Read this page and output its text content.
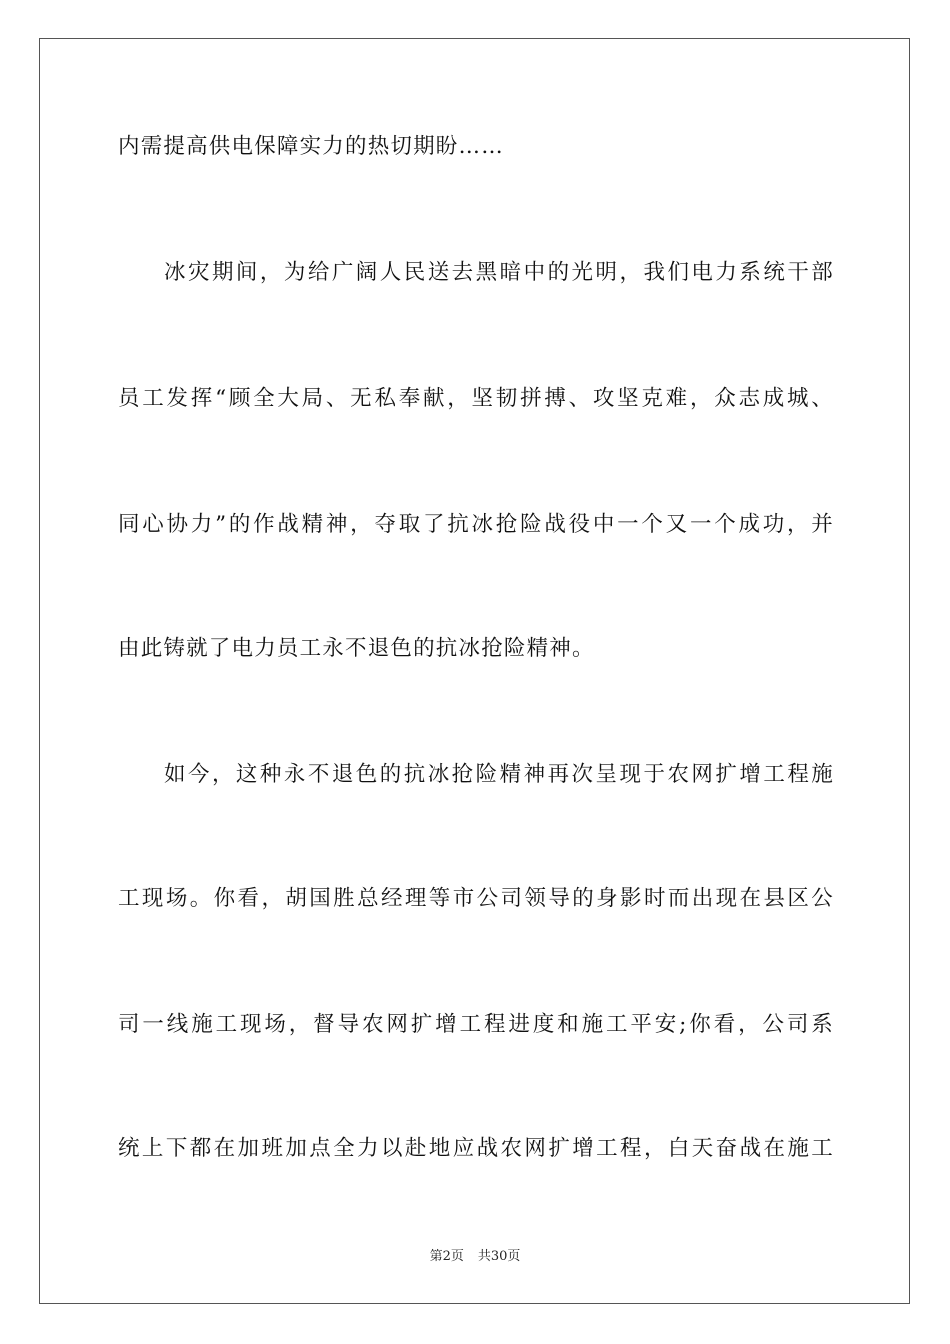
内需提高供电保障实力的热切期盼……
冰灾期间，为给广阔人民送去黑暗中的光明，我们电力系统干部
员工发挥“顾全大局、无私奉献，坚韧拼搏、攻坚克难，众志成城、
同心协力”的作战精神，夺取了抗冰抢险战役中一个又一个成功，并
由此铸就了电力员工永不退色的抗冰抢险精神。
如今，这种永不退色的抗冰抢险精神再次呈现于农网扩增工程施
工现场。你看，胡国胜总经理等市公司领导的身影时而出现在县区公
司一线施工现场，督导农网扩增工程进度和施工平安;你看，公司系
统上下都在加班加点全力以赴地应战农网扩增工程，白天奋战在施工
第2页 共30页
